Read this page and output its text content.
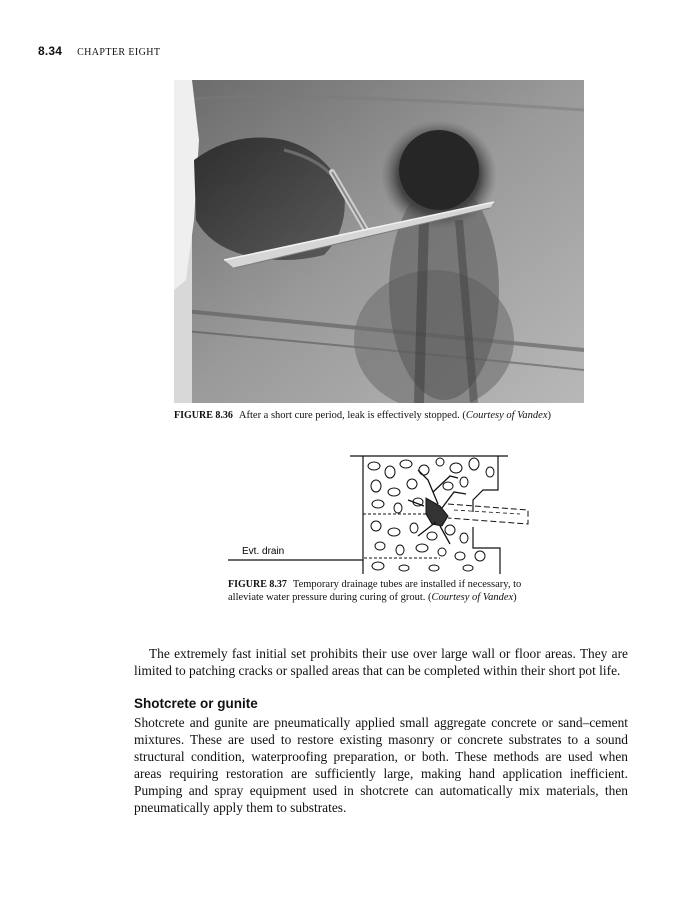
8.34 CHAPTER EIGHT
FIGURE 8.36 After a short cure period, leak is effectively stopped. (Courtesy of Vandex)
Evt. drain
FIGURE 8.37 Temporary drainage tubes are installed if necessary, to alleviate water pressure during curing of grout. (Courtesy of Vandex)

The extremely fast initial set prohibits their use over large wall or floor areas. They are limited to patching cracks or spalled areas that can be completed within their short pot life.

Shotcrete or gunite

Shotcrete and gunite are pneumatically applied small aggregate concrete or sand–cement mixtures. These are used to restore existing masonry or concrete substrates to a sound structural condition, waterproofing preparation, or both. These methods are used when areas requiring restoration are sufficiently large, making hand application inefficient. Pumping and spray equipment used in shotcrete can automatically mix materials, then pneumatically apply them to substrates.
